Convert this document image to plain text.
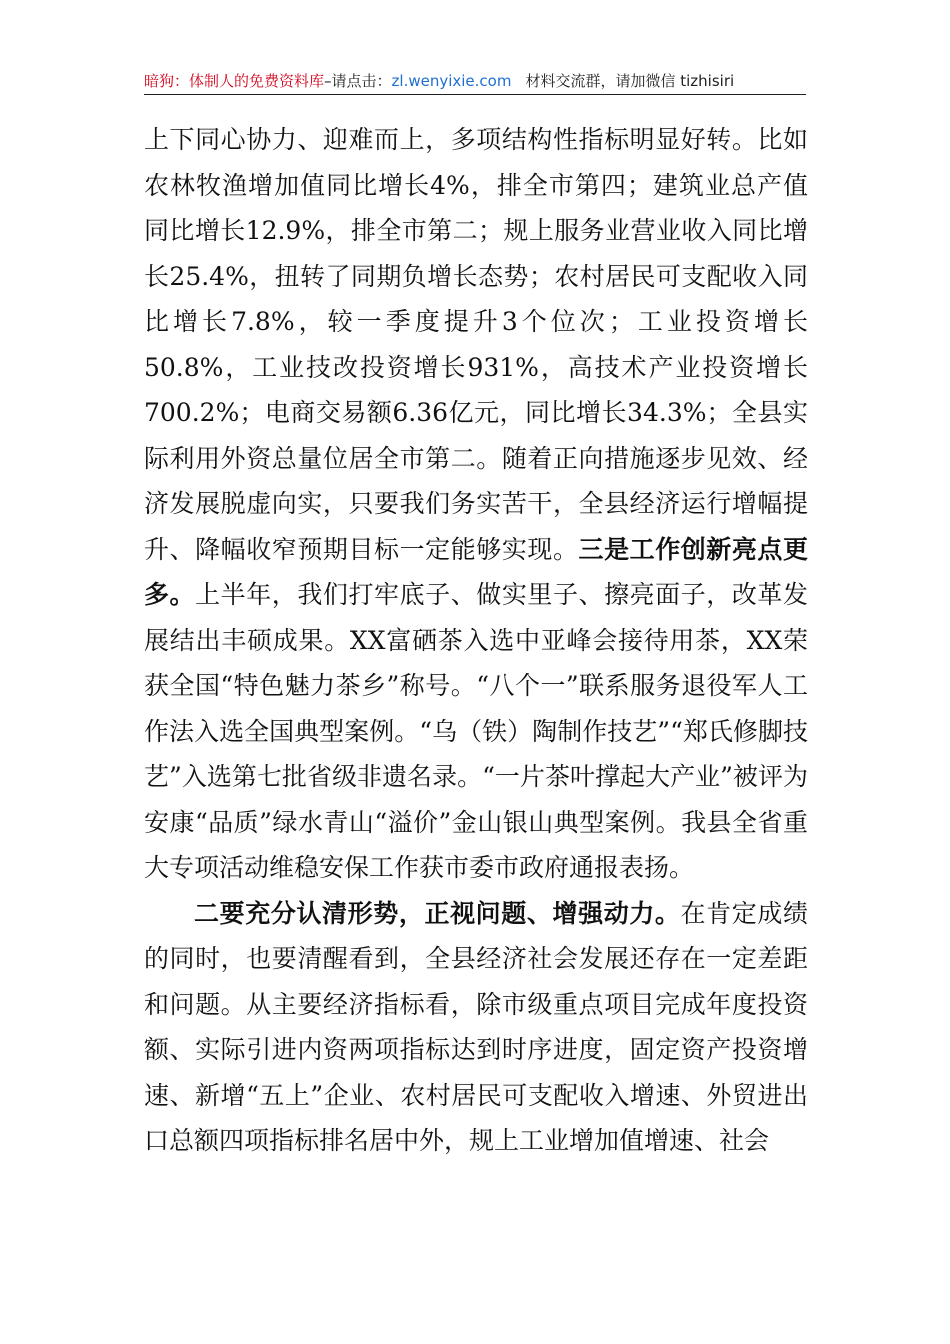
暗狗：体制人的免费资料库–请点击：zl.wenyixie.com 材料交流群，请加微信 tizhisiri

上下同心协力、迎难而上，多项结构性指标明显好转。比如农林牧渔增加值同比增长4%，排全市第四；建筑业总产值同比增长12.9%，排全市第二；规上服务业营业收入同比增长25.4%，扭转了同期负增长态势；农村居民可支配收入同比增长7.8%，较一季度提升3个位次；工业投资增长50.8%，工业技改投资增长931%，高技术产业投资增长700.2%；电商交易额6.36亿元，同比增长34.3%；全县实际利用外资总量位居全市第二。随着正向措施逐步见效、经济发展脱虚向实，只要我们务实苦干，全县经济运行增幅提升、降幅收窄预期目标一定能够实现。三是工作创新亮点更多。上半年，我们打牢底子、做实里子、擦亮面子，改革发展结出丰硕成果。XX富硒茶入选中亚峰会接待用茶，XX荣获全国“特色魅力茶乡”称号。“八个一”联系服务退役军人工作法入选全国典型案例。“乌（铁）陶制作技艺”“郑氏修脚技艺”入选第七批省级非遗名录。“一片茶叶撑起大产业”被评为安康“品质”绿水青山“溢价”金山银山典型案例。我县全省重大专项活动维稳安保工作获市委市政府通报表扬。

二要充分认清形势，正视问题、增强动力。在肯定成绩的同时，也要清醒看到，全县经济社会发展还存在一定差距和问题。从主要经济指标看，除市级重点项目完成年度投资额、实际引进内资两项指标达到时序进度，固定资产投资增速、新增“五上”企业、农村居民可支配收入增速、外贸进出口总额四项指标排名居中外，规上工业增加值增速、社会
